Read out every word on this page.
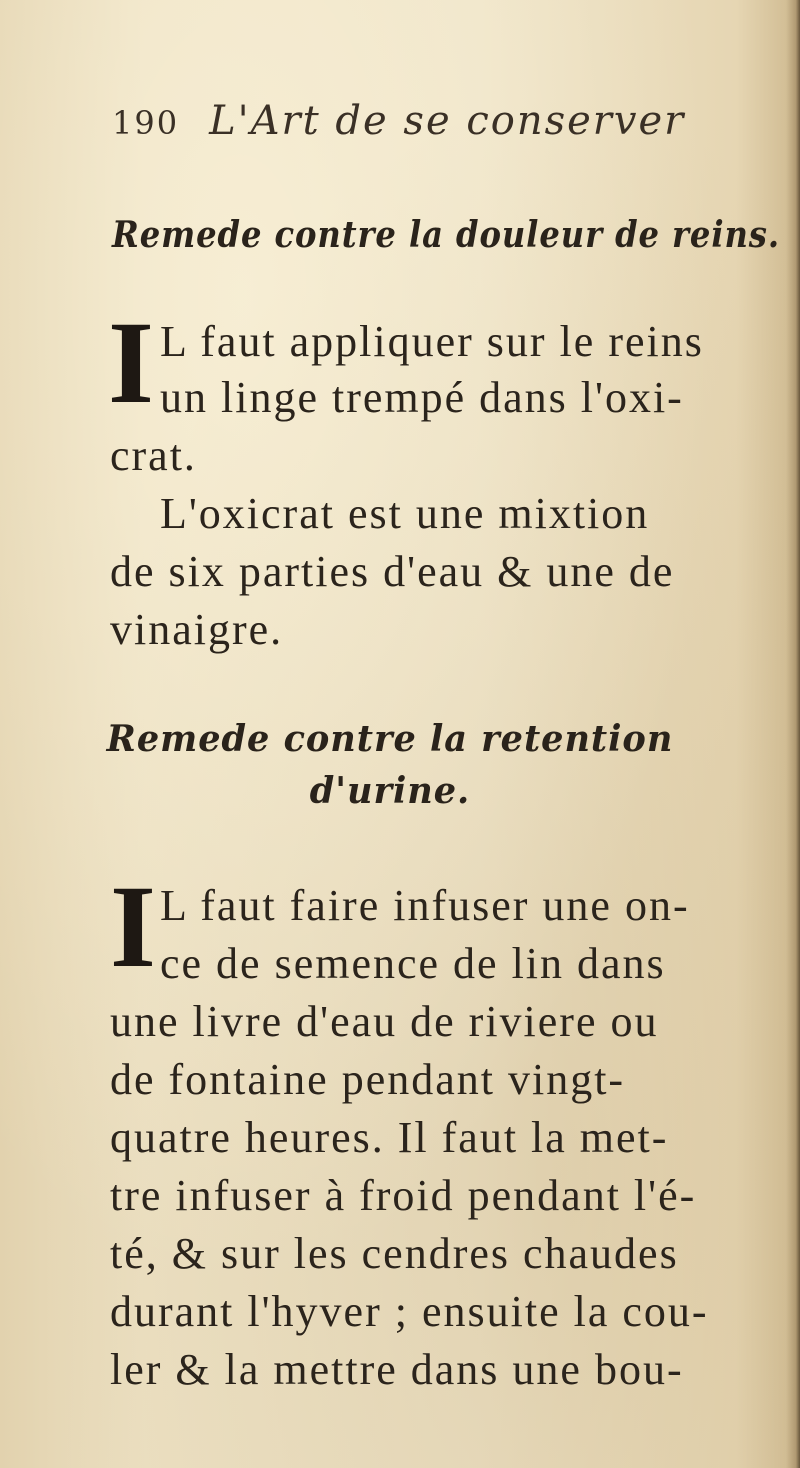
190 L'Art de se conserver
Remede contre la douleur de reins.
I L faut appliquer sur le reins
un linge trempé dans l'oxi-
crat.
L'oxicrat est une mixtion
de six parties d'eau & une de
vinaigre.
Remede contre la retention
d'urine.
I L faut faire infuser une on-
ce de semence de lin dans
une livre d'eau de riviere ou
de fontaine pendant vingt-
quatre heures. Il faut la met-
tre infuser à froid pendant l'é-
té, & sur les cendres chaudes
durant l'hyver ; ensuite la cou-
ler & la mettre dans une bou-
